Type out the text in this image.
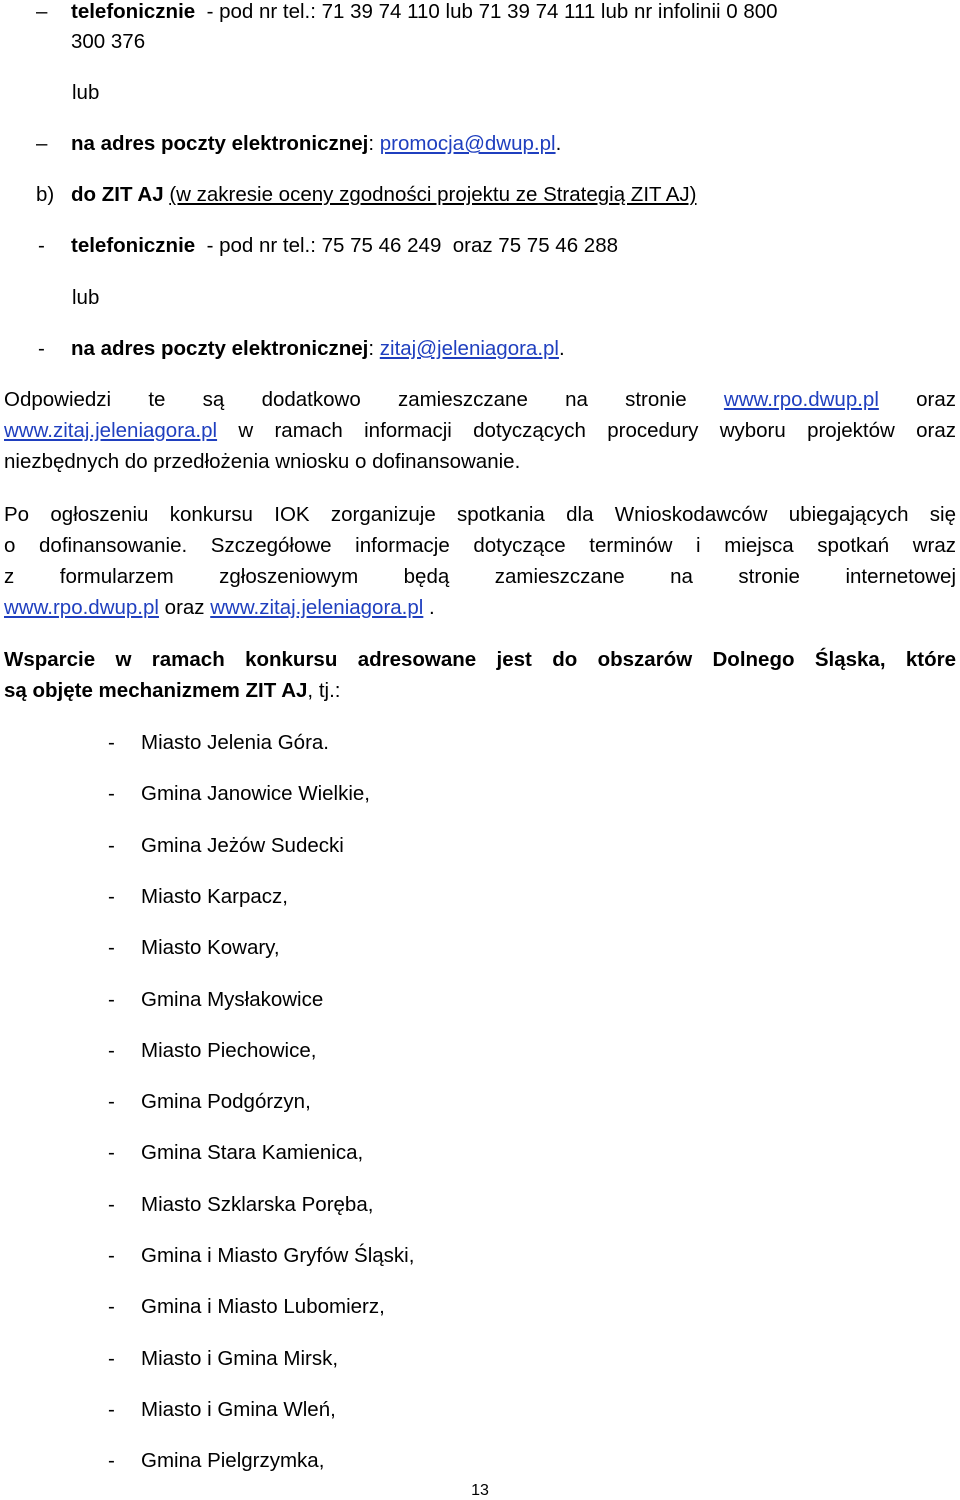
– telefonicznie  - pod nr tel.: 71 39 74 110 lub 71 39 74 111 lub nr infolinii 0 800
300 376
lub
– na adres poczty elektronicznej: promocja@dwup.pl.
b) do ZIT AJ (w zakresie oceny zgodności projektu ze Strategią ZIT AJ)
- telefonicznie  - pod nr tel.: 75 75 46 249  oraz 75 75 46 288
lub
- na adres poczty elektronicznej: zitaj@jeleniagora.pl.
Odpowiedzi te są dodatkowo zamieszczane na stronie www.rpo.dwup.pl oraz
www.zitaj.jeleniagora.pl w ramach informacji dotyczących procedury wyboru projektów oraz
niezbędnych do przedłożenia wniosku o dofinansowanie.
Po ogłoszeniu konkursu IOK zorganizuje spotkania dla Wnioskodawców ubiegających się
o dofinansowanie. Szczegółowe informacje dotyczące terminów i miejsca spotkań wraz
z formularzem zgłoszeniowym będą zamieszczane na stronie internetowej
www.rpo.dwup.pl oraz www.zitaj.jeleniagora.pl .
Wsparcie w ramach konkursu adresowane jest do obszarów Dolnego Śląska, które
są objęte mechanizmem ZIT AJ, tj.:
- Miasto Jelenia Góra.
- Gmina Janowice Wielkie,
- Gmina Jeżów Sudecki
- Miasto Karpacz,
- Miasto Kowary,
- Gmina Mysłakowice
- Miasto Piechowice,
- Gmina Podgórzyn,
- Gmina Stara Kamienica,
- Miasto Szklarska Poręba,
- Gmina i Miasto Gryfów Śląski,
- Gmina i Miasto Lubomierz,
- Miasto i Gmina Mirsk,
- Miasto i Gmina Wleń,
- Gmina Pielgrzymka,
13
